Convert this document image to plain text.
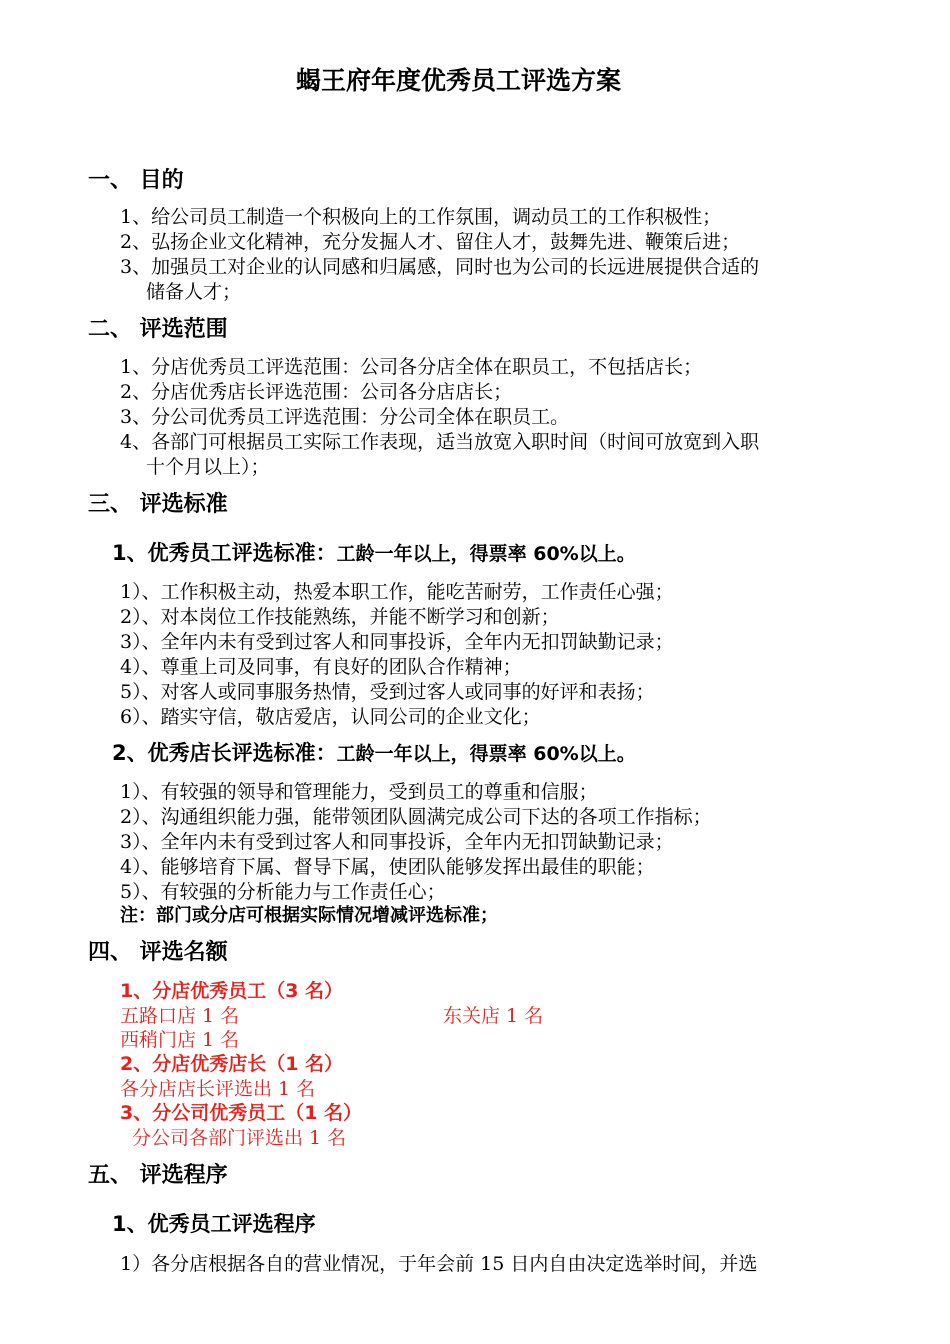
蝎王府年度优秀员工评选方案
一、 目的
1、给公司员工制造一个积极向上的工作氛围，调动员工的工作积极性；
2、弘扬企业文化精神，充分发掘人才、留住人才，鼓舞先进、鞭策后进；
3、加强员工对企业的认同感和归属感，同时也为公司的长远进展提供合适的
储备人才；
二、 评选范围
1、分店优秀员工评选范围：公司各分店全体在职员工，不包括店长；
2、分店优秀店长评选范围：公司各分店店长；
3、分公司优秀员工评选范围：分公司全体在职员工。
4、各部门可根据员工实际工作表现，适当放宽入职时间（时间可放宽到入职
十个月以上）；
三、 评选标准
1、优秀员工评选标准：工龄一年以上，得票率 60%以上。
1）、工作积极主动，热爱本职工作，能吃苦耐劳，工作责任心强；
2）、对本岗位工作技能熟练，并能不断学习和创新；
3）、全年内未有受到过客人和同事投诉，全年内无扣罚缺勤记录；
4）、尊重上司及同事，有良好的团队合作精神；
5）、对客人或同事服务热情，受到过客人或同事的好评和表扬；
6）、踏实守信，敬店爱店，认同公司的企业文化；
2、优秀店长评选标准：工龄一年以上，得票率 60%以上。
1）、有较强的领导和管理能力，受到员工的尊重和信服；
2）、沟通组织能力强，能带领团队圆满完成公司下达的各项工作指标；
3）、全年内未有受到过客人和同事投诉，全年内无扣罚缺勤记录；
4）、能够培育下属、督导下属，使团队能够发挥出最佳的职能；
5）、有较强的分析能力与工作责任心；
注：部门或分店可根据实际情况增减评选标准；
四、 评选名额
1、分店优秀员工（3 名）
五路口店 1 名	东关店 1 名
西稍门店 1 名
2、分店优秀店长（1 名）
各分店店长评选出 1 名
3、分公司优秀员工（1 名）
分公司各部门评选出 1 名
五、 评选程序
1、优秀员工评选程序
1）各分店根据各自的营业情况，于年会前 15 日内自由决定选举时间，并选
